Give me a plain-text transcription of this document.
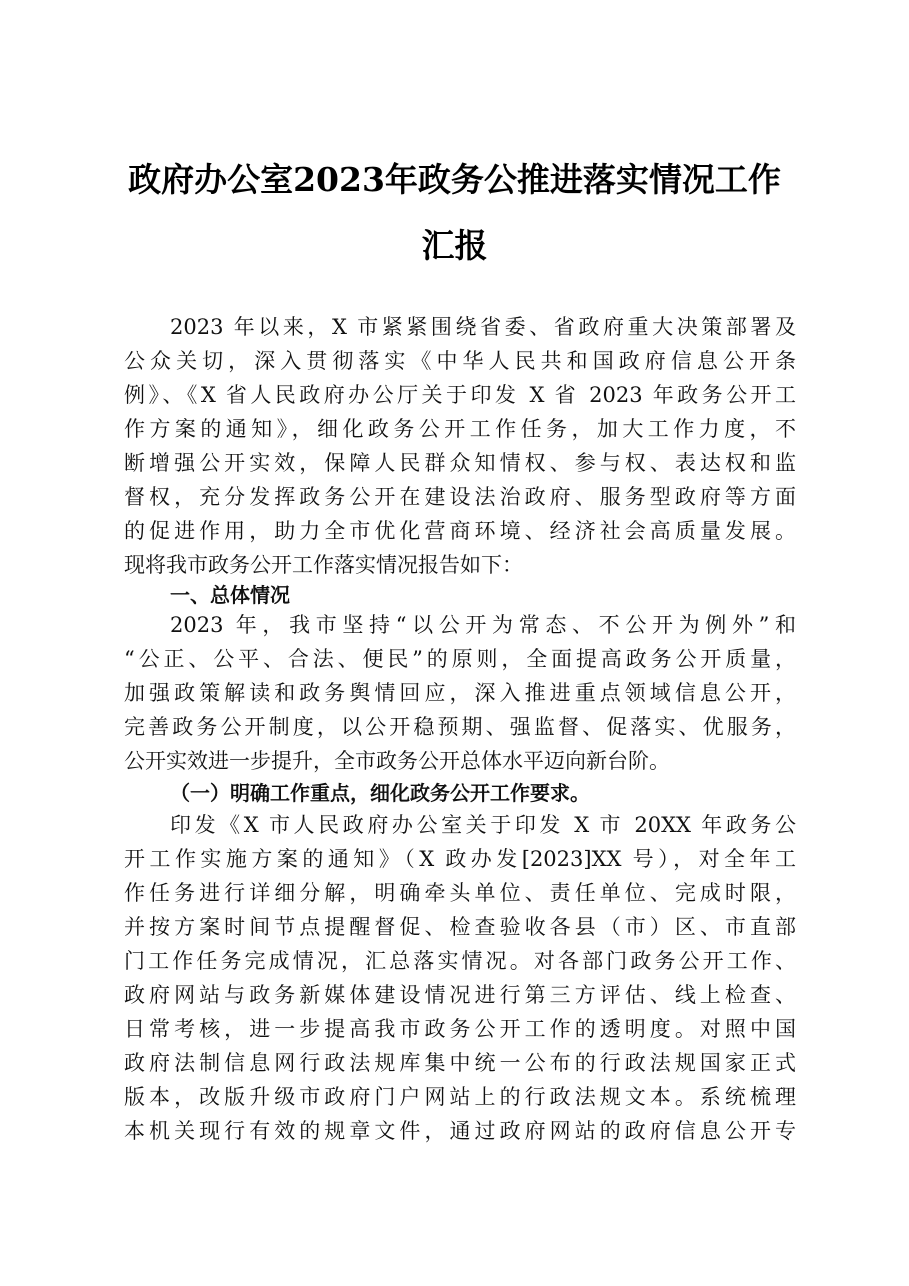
政府办公室2023年政务公推进落实情况工作
汇报
2023 年以来，X 市紧紧围绕省委、省政府重大决策部署及
公众关切，深入贯彻落实《中华人民共和国政府信息公开条
例》、《X 省人民政府办公厅关于印发 X 省 2023 年政务公开工
作方案的通知》，细化政务公开工作任务，加大工作力度，不
断增强公开实效，保障人民群众知情权、参与权、表达权和监
督权，充分发挥政务公开在建设法治政府、服务型政府等方面
的促进作用，助力全市优化营商环境、经济社会高质量发展。
现将我市政务公开工作落实情况报告如下：
一、总体情况
2023 年，我市坚持“以公开为常态、不公开为例外”和
“公正、公平、合法、便民”的原则，全面提高政务公开质量，
加强政策解读和政务舆情回应，深入推进重点领域信息公开，
完善政务公开制度，以公开稳预期、强监督、促落实、优服务，
公开实效进一步提升，全市政务公开总体水平迈向新台阶。
（一）明确工作重点，细化政务公开工作要求。
印发《X 市人民政府办公室关于印发 X 市 20XX 年政务公
开工作实施方案的通知》（X 政办发[2023]XX 号），对全年工
作任务进行详细分解，明确牵头单位、责任单位、完成时限，
并按方案时间节点提醒督促、检查验收各县（市）区、市直部
门工作任务完成情况，汇总落实情况。对各部门政务公开工作、
政府网站与政务新媒体建设情况进行第三方评估、线上检查、
日常考核，进一步提高我市政务公开工作的透明度。对照中国
政府法制信息网行政法规库集中统一公布的行政法规国家正式
版本，改版升级市政府门户网站上的行政法规文本。系统梳理
本机关现行有效的规章文件，通过政府网站的政府信息公开专
